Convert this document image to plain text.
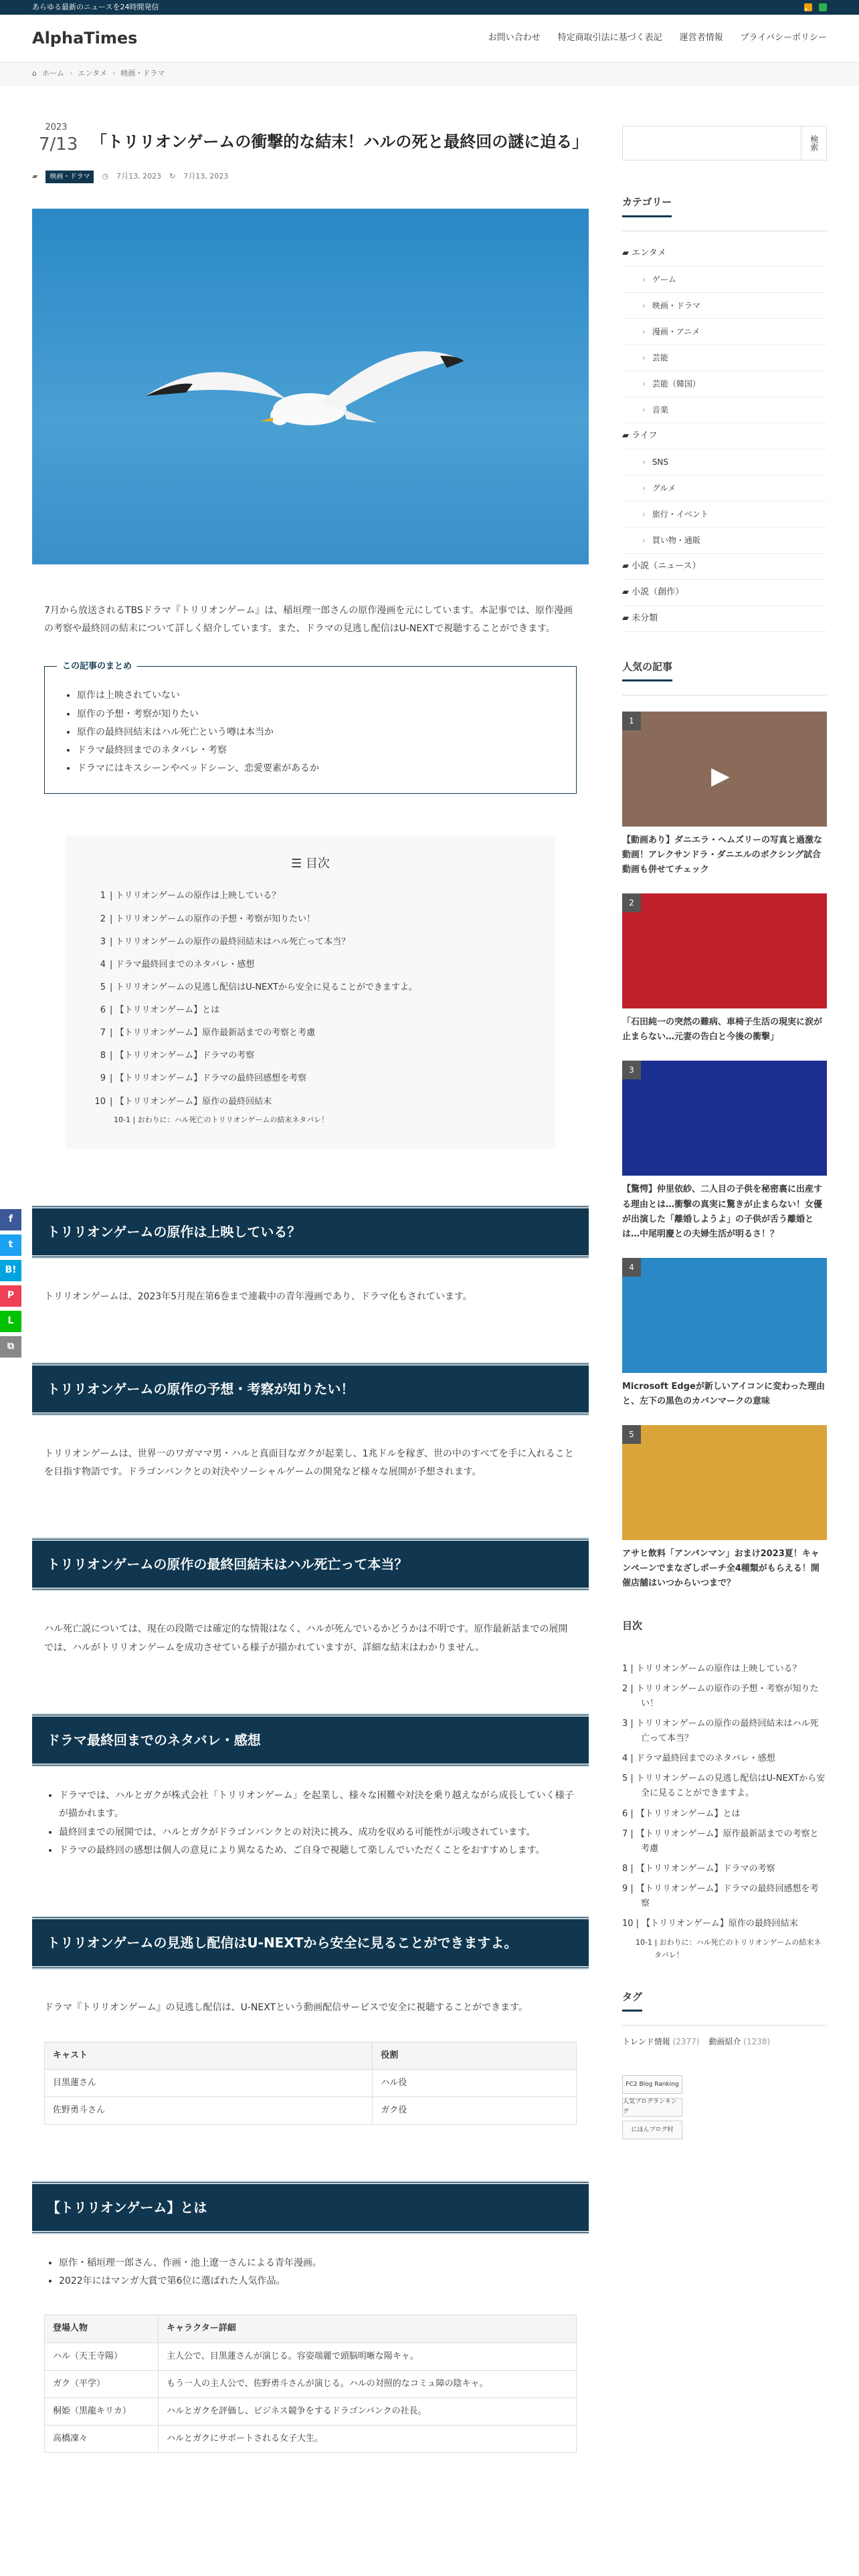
あらゆる最新のニュースを24時間発信
AlphaTimes	お問い合わせ 特定商取引法に基づく表記 運営者情報 プライバシーポリシー
⌂ ホーム › エンタメ › 映画・ドラマ
f
t
B!
P
L
⧉
2023
7/13 「トリリオンゲームの衝撃的な結末！ハルの死と最終回の謎に迫る」
▰	映画・ドラマ	◷ 7月13, 2023 ↻ 7月13, 2023

7月から放送されるTBSドラマ『トリリオンゲーム』は、稲垣理一郎さんの原作漫画を元にしています。本記事では、原作漫画の考察や最終回の結末について詳しく紹介しています。また、ドラマの見逃し配信はU-NEXTで視聴することができます。

この記事のまとめ
• 原作は上映されていない
• 原作の予想・考察が知りたい
• 原作の最終回結末はハル死亡という噂は本当か
• ドラマ最終回までのネタバレ・考察
• ドラマにはキスシーンやベッドシーン、恋愛要素があるか
☰ 目次
1 | トリリオンゲームの原作は上映している？
2 | トリリオンゲームの原作の予想・考察が知りたい！
3 | トリリオンゲームの原作の最終回結末はハル死亡って本当？
4 | ドラマ最終回までのネタバレ・感想
5 | トリリオンゲームの見逃し配信はU-NEXTから安全に見ることができますよ。
6 | 【トリリオンゲーム】とは
7 | 【トリリオンゲーム】原作最新話までの考察と考慮
8 | 【トリリオンゲーム】ドラマの考察
9 | 【トリリオンゲーム】ドラマの最終回感想を考察
10 | 【トリリオンゲーム】原作の最終回結末
10-1 | おわりに：ハル死亡のトリリオンゲームの結末ネタバレ！
トリリオンゲームの原作は上映している？

トリリオンゲームは、2023年5月現在第6巻まで連載中の青年漫画であり、ドラマ化もされています。

トリリオンゲームの原作の予想・考察が知りたい！

トリリオンゲームは、世界一のワガママ男・ハルと真面目なガクが起業し、1兆ドルを稼ぎ、世の中のすべてを手に入れることを目指す物語です。ドラゴンバンクとの対決やソーシャルゲームの開発など様々な展開が予想されます。

トリリオンゲームの原作の最終回結末はハル死亡って本当？

ハル死亡説については、現在の段階では確定的な情報はなく、ハルが死んでいるかどうかは不明です。原作最新話までの展開では、ハルがトリリオンゲームを成功させている様子が描かれていますが、詳細な結末はわかりません。

ドラマ最終回までのネタバレ・感想
• ドラマでは、ハルとガクが株式会社「トリリオンゲーム」を起業し、様々な困難や対決を乗り越えながら成長していく様子が描かれます。
• 最終回までの展開では、ハルとガクがドラゴンバンクとの対決に挑み、成功を収める可能性が示唆されています。
• ドラマの最終回の感想は個人の意見により異なるため、ご自身で視聴して楽しんでいただくことをおすすめします。
トリリオンゲームの見逃し配信はU-NEXTから安全に見ることができますよ。

ドラマ『トリリオンゲーム』の見逃し配信は、U-NEXTという動画配信サービスで安全に視聴することができます。

キャスト	役割
目黒蓮さん	ハル役
佐野勇斗さん	ガク役
【トリリオンゲーム】とは
• 原作・稲垣理一郎さん、作画・池上遼一さんによる青年漫画。
• 2022年にはマンガ大賞で第6位に選ばれた人気作品。
登場人物	キャラクター詳細
ハル（天王寺陽）	主人公で、目黒蓮さんが演じる。容姿端麗で頭脳明晰な陽キャ。
ガク（平学）	もう一人の主人公で、佐野勇斗さんが演じる。ハルの対照的なコミュ障の陰キャ。
桐姫（黒龍キリカ）	ハルとガクを評価し、ビジネス競争をするドラゴンバンクの社長。
高橋凜々	ハルとガクにサポートされる女子大生。
検索
カテゴリー
▰ エンタメ
› ゲーム
› 映画・ドラマ
› 漫画・アニメ
› 芸能
› 芸能（韓国）
› 音楽
▰ ライフ
› SNS
› グルメ
› 旅行・イベント
› 買い物・通販
▰ 小説（ニュース）
▰ 小説（創作）
▰ 未分類
人気の記事
1
▶
【動画あり】ダニエラ・ヘムズリーの写真と過激な動画！アレクサンドラ・ダニエルのボクシング試合動画も併せてチェック
2
「石田純一の突然の難病、車椅子生活の現実に涙が止まらない…元妻の告白と今後の衝撃」
3
【驚愕】仲里依紗、二人目の子供を秘密裏に出産する理由とは…衝撃の真実に驚きが止まらない！女優が出演した「離婚しようよ」の子供が舌う離婚とは…中尾明慶との夫婦生活が明るさ！？
4
Microsoft Edgeが新しいアイコンに変わった理由と、左下の黒色のカバンマークの意味
5
アサヒ飲料「アンパンマン」おまけ2023夏！キャンペーンでまなざしポーチ全4種類がもらえる！開催店舗はいつからいつまで？
目次
1 | トリリオンゲームの原作は上映している？
2 | トリリオンゲームの原作の予想・考察が知りたい！
3 | トリリオンゲームの原作の最終回結末はハル死亡って本当？
4 | ドラマ最終回までのネタバレ・感想
5 | トリリオンゲームの見逃し配信はU-NEXTから安全に見ることができますよ。
6 | 【トリリオンゲーム】とは
7 | 【トリリオンゲーム】原作最新話までの考察と考慮
8 | 【トリリオンゲーム】ドラマの考察
9 | 【トリリオンゲーム】ドラマの最終回感想を考察
10 | 【トリリオンゲーム】原作の最終回結末
10-1 | おわりに：ハル死亡のトリリオンゲームの結末ネタバレ！
タグ
トレンド情報 (2377) 動画紹介 (1238)
FC2 Blog Ranking
人気ブログランキング
にほんブログ村
